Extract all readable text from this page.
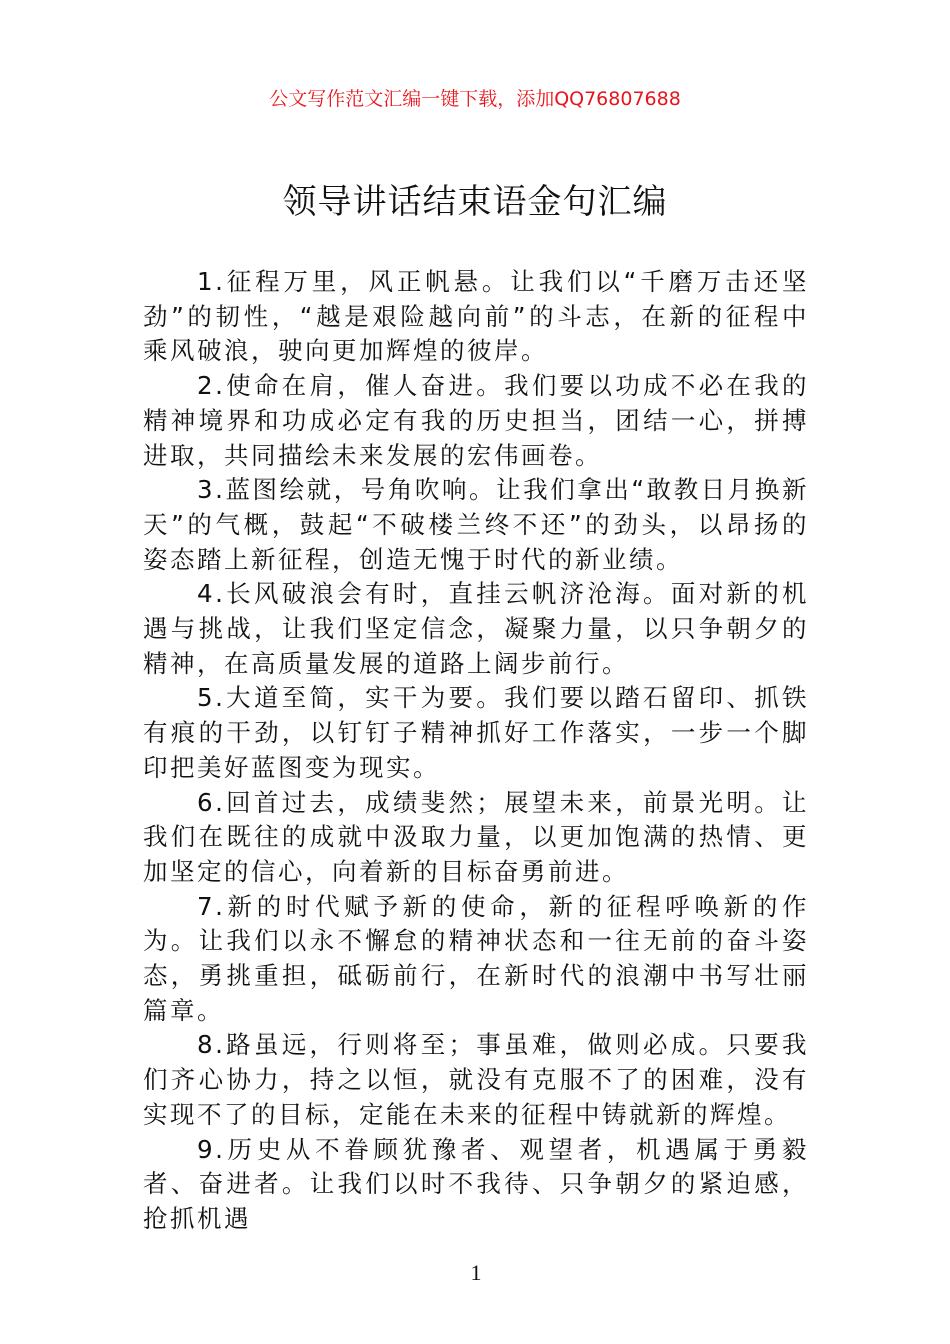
公文写作范文汇编一键下载，添加QQ76807688
领导讲话结束语金句汇编

1.征程万里，风正帆悬。让我们以“千磨万击还坚劲”的韧性，“越是艰险越向前”的斗志，在新的征程中乘风破浪，驶向更加辉煌的彼岸。

2.使命在肩，催人奋进。我们要以功成不必在我的精神境界和功成必定有我的历史担当，团结一心，拼搏进取，共同描绘未来发展的宏伟画卷。

3.蓝图绘就，号角吹响。让我们拿出“敢教日月换新天”的气概，鼓起“不破楼兰终不还”的劲头，以昂扬的姿态踏上新征程，创造无愧于时代的新业绩。

4.长风破浪会有时，直挂云帆济沧海。面对新的机遇与挑战，让我们坚定信念，凝聚力量，以只争朝夕的精神，在高质量发展的道路上阔步前行。

5.大道至简，实干为要。我们要以踏石留印、抓铁有痕的干劲，以钉钉子精神抓好工作落实，一步一个脚印把美好蓝图变为现实。

6.回首过去，成绩斐然；展望未来，前景光明。让我们在既往的成就中汲取力量，以更加饱满的热情、更加坚定的信心，向着新的目标奋勇前进。

7.新的时代赋予新的使命，新的征程呼唤新的作为。让我们以永不懈怠的精神状态和一往无前的奋斗姿态，勇挑重担，砥砺前行，在新时代的浪潮中书写壮丽篇章。

8.路虽远，行则将至；事虽难，做则必成。只要我们齐心协力，持之以恒，就没有克服不了的困难，没有实现不了的目标，定能在未来的征程中铸就新的辉煌。

9.历史从不眷顾犹豫者、观望者，机遇属于勇毅者、奋进者。让我们以时不我待、只争朝夕的紧迫感，抢抓机遇

1
